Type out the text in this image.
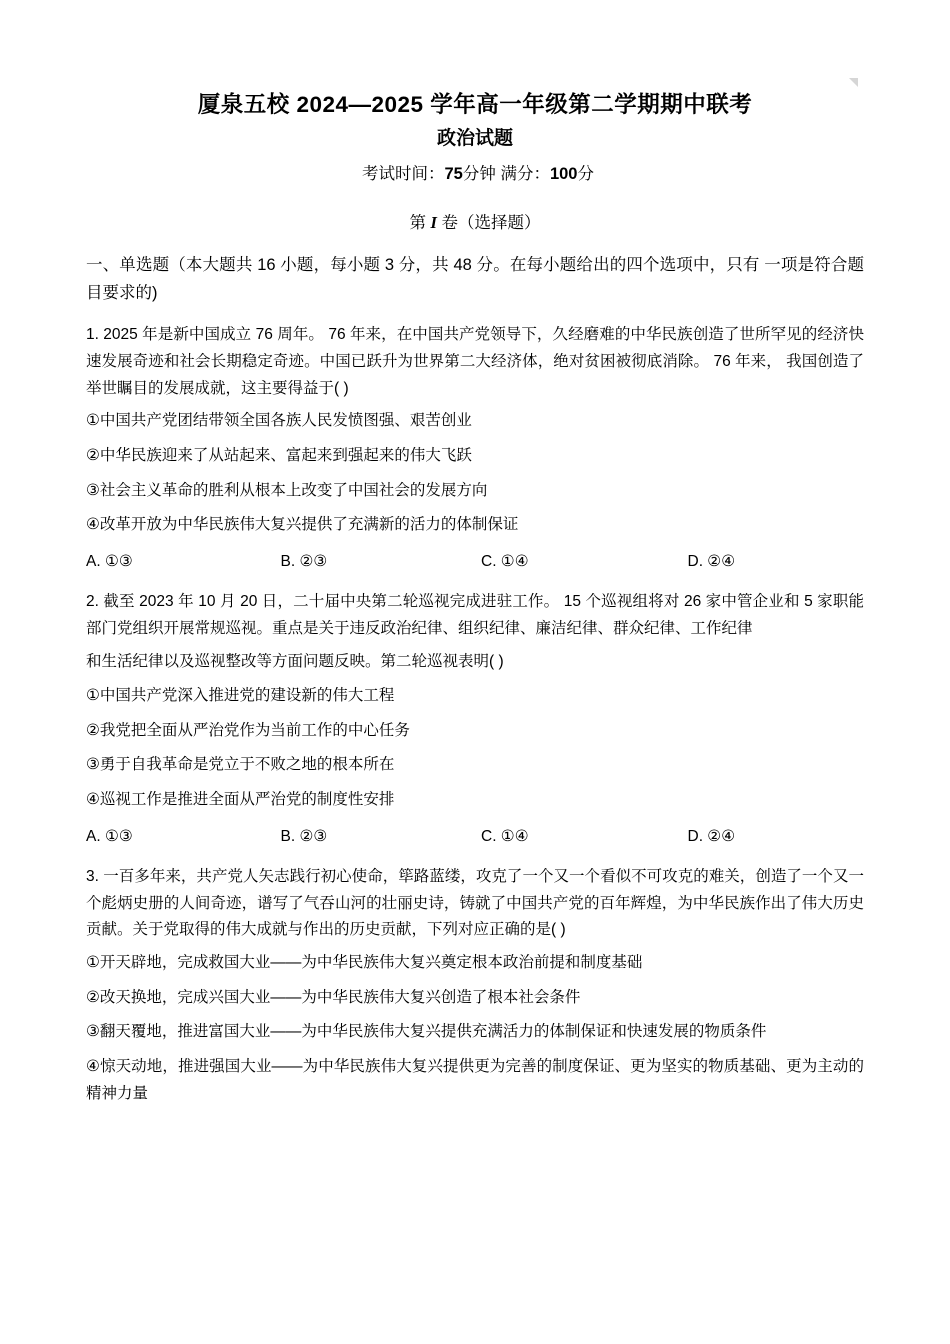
厦泉五校 2024—2025 学年高一年级第二学期期中联考
政治试题
考试时间：75分钟 满分：100分
第 I 卷（选择题）
一、单选题（本大题共 16 小题，每小题 3 分，共 48 分。在每小题给出的四个选项中，只有 一项是符合题目要求的)
1. 2025 年是新中国成立 76 周年。 76 年来，在中国共产党领导下，久经磨难的中华民族创造了世所罕见的经济快速发展奇迹和社会长期稳定奇迹。中国已跃升为世界第二大经济体，绝对贫困被彻底消除。 76 年来， 我国创造了举世瞩目的发展成就，这主要得益于( )
①中国共产党团结带领全国各族人民发愤图强、艰苦创业
②中华民族迎来了从站起来、富起来到强起来的伟大飞跃
③社会主义革命的胜利从根本上改变了中国社会的发展方向
④改革开放为中华民族伟大复兴提供了充满新的活力的体制保证
A. ①③	B. ②③	C. ①④	D. ②④
2. 截至 2023 年 10 月 20 日，二十届中央第二轮巡视完成进驻工作。 15 个巡视组将对 26 家中管企业和 5 家职能部门党组织开展常规巡视。重点是关于违反政治纪律、组织纪律、廉洁纪律、群众纪律、工作纪律
和生活纪律以及巡视整改等方面问题反映。第二轮巡视表明( )
①中国共产党深入推进党的建设新的伟大工程
②我党把全面从严治党作为当前工作的中心任务
③勇于自我革命是党立于不败之地的根本所在
④巡视工作是推进全面从严治党的制度性安排
A. ①③	B. ②③	C. ①④	D. ②④
3. 一百多年来，共产党人矢志践行初心使命，筚路蓝缕，攻克了一个又一个看似不可攻克的难关，创造了一个又一个彪炳史册的人间奇迹，谱写了气吞山河的壮丽史诗，铸就了中国共产党的百年辉煌，为中华民族作出了伟大历史贡献。关于党取得的伟大成就与作出的历史贡献，下列对应正确的是( )
①开天辟地，完成救国大业——为中华民族伟大复兴奠定根本政治前提和制度基础
②改天换地，完成兴国大业——为中华民族伟大复兴创造了根本社会条件
③翻天覆地，推进富国大业——为中华民族伟大复兴提供充满活力的体制保证和快速发展的物质条件
④惊天动地，推进强国大业——为中华民族伟大复兴提供更为完善的制度保证、更为坚实的物质基础、更为主动的精神力量
